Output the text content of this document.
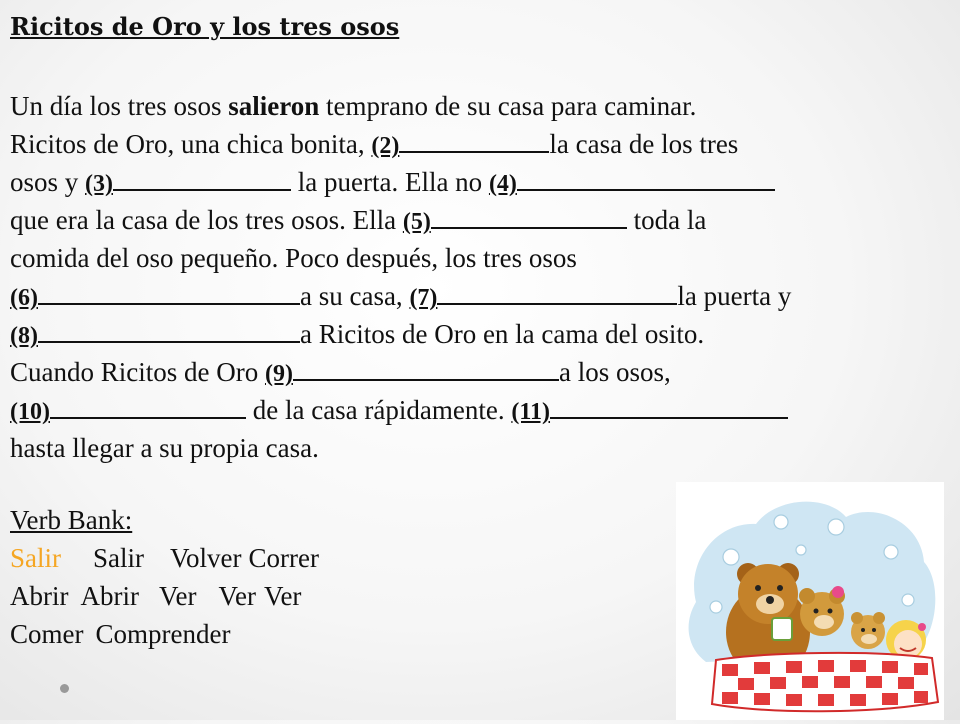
Ricitos de Oro y los tres osos
Un día los tres osos salieron temprano de su casa para caminar.
Ricitos de Oro, una chica bonita, (2)	la casa de los tres
osos y (3)	la puerta. Ella no (4)
que era la casa de los tres osos. Ella (5)	toda la
comida del oso pequeño. Poco después, los tres osos
(6)	a su casa, (7)	la puerta y
(8)	a Ricitos de Oro en la cama del osito.
Cuando Ricitos de Oro (9)	a los osos,
(10)	de la casa rápidamente. (11)
hasta llegar a su propia casa.
Verb Bank:
Salir Salir Volver Correr
Abrir Abrir Ver Ver Ver
Comer Comprender
